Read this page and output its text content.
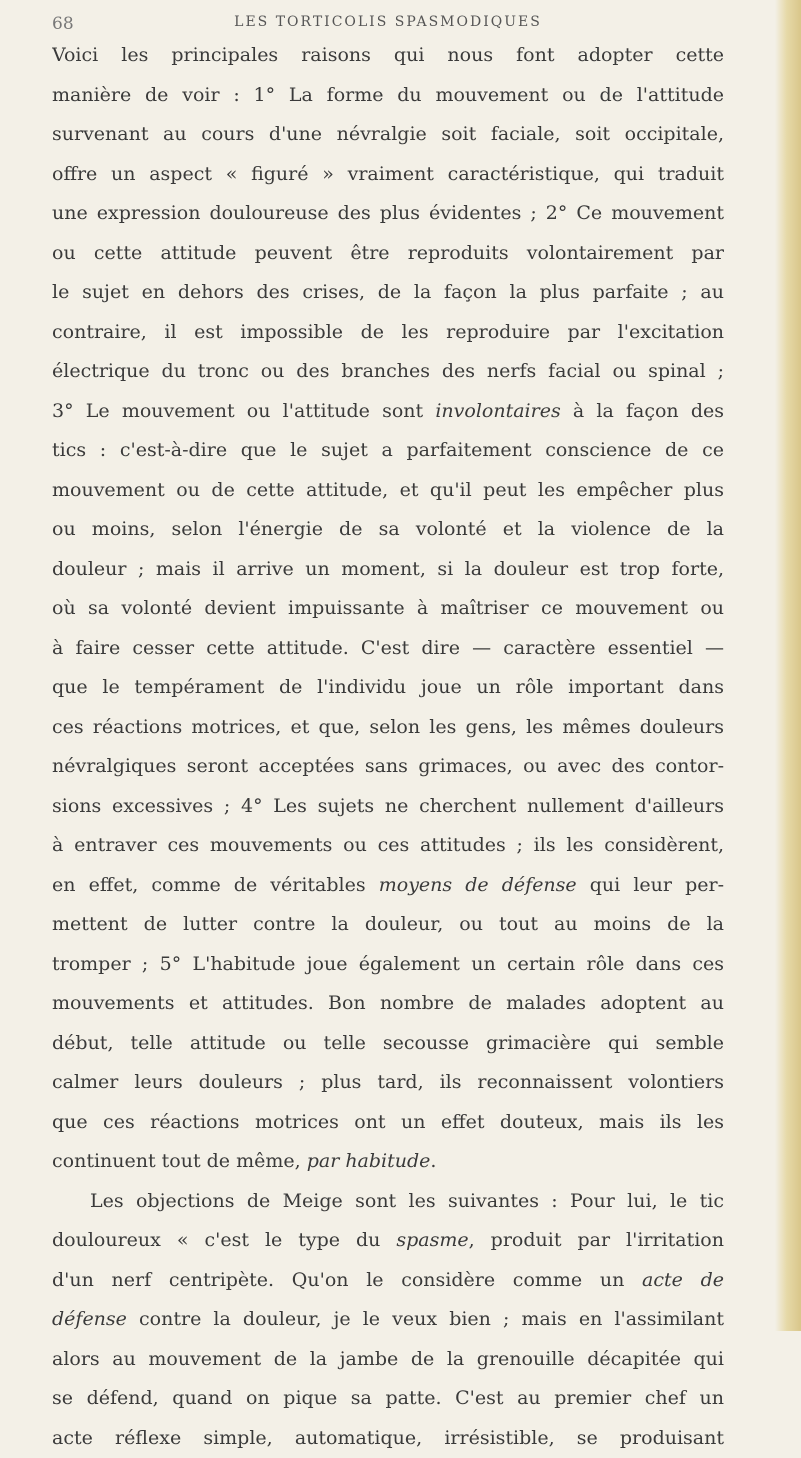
68	LES TORTICOLIS SPASMODIQUES
Voici les principales raisons qui nous font adopter cette
manière de voir : 1° La forme du mouvement ou de l'attitude
survenant au cours d'une névralgie soit faciale, soit occipitale,
offre un aspect « figuré » vraiment caractéristique, qui traduit
une expression douloureuse des plus évidentes ; 2° Ce mouvement
ou cette attitude peuvent être reproduits volontairement par
le sujet en dehors des crises, de la façon la plus parfaite ; au
contraire, il est impossible de les reproduire par l'excitation
électrique du tronc ou des branches des nerfs facial ou spinal ;
3° Le mouvement ou l'attitude sont involontaires à la façon des
tics : c'est-à-dire que le sujet a parfaitement conscience de ce
mouvement ou de cette attitude, et qu'il peut les empêcher plus
ou moins, selon l'énergie de sa volonté et la violence de la
douleur ; mais il arrive un moment, si la douleur est trop forte,
où sa volonté devient impuissante à maîtriser ce mouvement ou
à faire cesser cette attitude. C'est dire — caractère essentiel —
que le tempérament de l'individu joue un rôle important dans
ces réactions motrices, et que, selon les gens, les mêmes douleurs
névralgiques seront acceptées sans grimaces, ou avec des contor-
sions excessives ; 4° Les sujets ne cherchent nullement d'ailleurs
à entraver ces mouvements ou ces attitudes ; ils les considèrent,
en effet, comme de véritables moyens de défense qui leur per-
mettent de lutter contre la douleur, ou tout au moins de la
tromper ; 5° L'habitude joue également un certain rôle dans ces
mouvements et attitudes. Bon nombre de malades adoptent au
début, telle attitude ou telle secousse grimacière qui semble
calmer leurs douleurs ; plus tard, ils reconnaissent volontiers
que ces réactions motrices ont un effet douteux, mais ils les
continuent tout de même, par habitude.
Les objections de Meige sont les suivantes : Pour lui, le tic
douloureux « c'est le type du spasme, produit par l'irritation
d'un nerf centripète. Qu'on le considère comme un acte de
défense contre la douleur, je le veux bien ; mais en l'assimilant
alors au mouvement de la jambe de la grenouille décapitée qui
se défend, quand on pique sa patte. C'est au premier chef un
acte réflexe simple, automatique, irrésistible, se produisant
